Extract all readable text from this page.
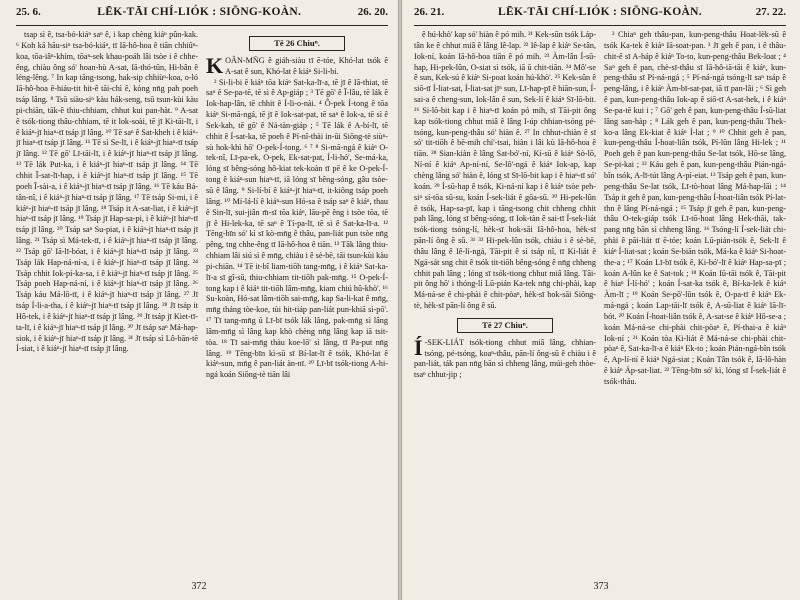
25. 6.	LĒK-TĀI CHÍ-LIÓK : SIŌNG-KOÀN.	26. 20.

tsap sì ê, tsa-bó-kiáⁿ saⁿ ê, i kap chèng kiáⁿ pûn-kak. ⁶ Koh kā hāu-siⁿ tsa-bó-kiáⁿ, tī Iā-hô-hoa ê tiān chhiûⁿ-koa, tōa-iâⁿ-khím, tōaⁿ-sek khau-poáh lâi tsòe i ê chhe-êng, chiàu ông só' hoan-hù A-sat, Iā-thó-tûn, Hi-bân ê léng-lêng. ⁷ In kap tāng-tsong, hak-sip chhiùⁿ-koa, o-ló Iā-hô-hoa ê-hiáu-tit hit-ê tāi-chì ê, kòng nn̄g pah poeh tsáp lâng. ⁸ Tsū siàu-siⁿ kàu hák-seng, tsū tsun-kùi kàu pi-chiān, tāk-ê thiu-chhiam, chhut kui pan-hàt. ⁹ A-sat ê tsók-tiong thâu-chhiam, tē it lok-soài, tē jī Ki-tāi-lī, i ê kiáⁿ-jī hiaⁿ-tī tsáp jī lâng. ¹⁰ Tē saⁿ ê Sat-kheh i ê kiáⁿ-jī hiaⁿ-tī tsáp jī lâng. ¹¹ Tē sì Se-lī, i ê kiáⁿ-jī hiaⁿ-tī tsáp jī lâng. ¹² Tē gō' Lī-tāi-lī, i ê kiáⁿ-jī hiaⁿ-tī tsáp jī lâng. ¹³ Tē lák Put-ka, i ê kiáⁿ-jī hiaⁿ-tī tsáp jī lâng. ¹⁴ Tē chhit Ī-sat-lī-hap, i ê kiáⁿ-jī hiaⁿ-tī tsáp jī lâng. ¹⁵ Tē poeh Ī-sài-a, i ê kiáⁿ-jī hiaⁿ-tī tsáp jī lâng. ¹⁶ Tē káu Bá-tân-nî, i ê kiáⁿ-jī hiaⁿ-tī tsáp jī lâng. ¹⁷ Tē tsáp Si-mi, i ê kiáⁿ-jī hiaⁿ-tī tsáp jī lâng. ¹⁸ Tsáp it A-sat-liat, i ê kiáⁿ-jī hiaⁿ-tī tsáp jī lâng. ¹⁹ Tsáp jī Hap-sa-pi, i ê kiáⁿ-jī hiaⁿ-tī tsáp jī lâng. ²⁰ Tsáp saⁿ Su-piat, i ê kiáⁿ-jī hiaⁿ-tī tsáp jī lâng. ²¹ Tsáp sì Má-tek-tī, i ê kiáⁿ-jī hiaⁿ-tī tsáp jī lâng. ²² Tsáp gō' Iā-lī-bóat, i ê kiáⁿ-jī hiaⁿ-tī tsáp jī lâng. ²³ Tsáp lák Hap-ná-ní-a, i ê kiáⁿ-jī hiaⁿ-tī tsáp jī lâng. ²⁴ Tsáp chhit Iok-pí-ka-sa, i ê kiáⁿ-jī hiaⁿ-tī tsáp jī lâng. ²⁵ Tsáp poeh Hap-ná-ní, i ê kiáⁿ-jī hiaⁿ-tī tsáp jī lâng. ²⁶ Tsáp káu Má-lō-tī, i ê kiáⁿ-jī hiaⁿ-tī tsáp jī lâng. ²⁷ Jī tsáp Í-li-a-tha, i ê kiáⁿ-jī hiaⁿ-tī tsáp jī lâng. ²⁸ Jī tsáp it Hô-tek, i ê kiáⁿ-jī hiaⁿ-tī tsáp jī lâng. ²⁹ Jī tsáp jī Kiet-tī-ta-lī, i ê kiáⁿ-jī hiaⁿ-tī tsáp jī lâng. ³⁰ Jī tsáp saⁿ Má-hap-siok, i ê kiáⁿ-jī hiaⁿ-tī tsáp jī lâng. ³¹ Jī tsáp sì Lô-bān-tē Í-siat, i ê kiáⁿ-jī hiaⁿ-tī tsáp jī lâng.

Tē 26 Chiuⁿ.

KOÂN-MN̄G ê giáh-siàu tī ē-tóe, Khó-lat tsók ê A-sat ê sun, Khó-lat ê kiáⁿ Si-li-bi.

² Si-li-bi ê kiáⁿ tōa kiáⁿ Sat-ka-lī-a, tē jī ê Iā-thiat, tē saⁿ ê Se-pa-tē, tē sì ê Ap-giáp ; ³ Tē gō' ê Ī-lâu, tē lák ê Iok-hap-lân, tē chhit ê Í-li-o-nài. ⁴ Ô-pek Í-tong ê tōa kiáⁿ Si-mā-ngá, tē jī ê Iok-sat-pat, tē saⁿ ê Iok-a, tē sì ê Sek-kah, tē gō' ê Ná-tàn-giáp ; ⁵ Tē lák ê A-bí-lī, tē chhit ê Í-sat-ka, tē poeh ê Pí-nî-thài in-ūi Siōng-tè siùⁿ-sù hok-khì hō' O-pek-Í-tong. ⁶ ⁷ ⁸ Si-mā-ngá ê kiáⁿ O-tek-nî, Lī-pa-ek, O-pek, Ek-sat-pat, Í-li-hó', Se-má-ka, lóng sī bêng-sóng hô-kiat tek-koàn tī pē ê ke O-pek-Í-tong ê kiáⁿ-sun hiaⁿ-tī, iā lóng sī bêng-sóng, gâu tsòe-sū ê lâng. ⁹ Si-lí-bí ê kiáⁿ-jī hiaⁿ-tī, it-kiōng tsáp poeh lâng. ¹⁰ Mí-lá-lí ê kiáⁿ-sun Hó-sa ê tsáp saⁿ ê kiáⁿ, thau ê Sin-lī, sui-jiân m̄-sī tōa kiáⁿ, lāu-pē êng i tsòe tōa, tē jī ê Hi-lek-ka, tē saⁿ ê Tí-pa-lī, tē sì ê Sat-ka-lī-a. ¹² Tēng-bīn só' kì sī kò-mn̄g ê thâu, pan-liát pun tsòe nn̄g pêng, tng chhe-êng tī Iā-hô-hoa ê tiān. ¹³ Tāk lâng thiu-chhiam lâi siú sì ê mn̄g, chiàu i ê sè-bē, tāi tsun-kùi kàu pi-chiān. ¹⁴ Tē it-bî liam-tiōh tang-mn̄g, i ê kiáⁿ Sat-ka-lī-a sī gî-sū, thiu-chhiam tit-tiōh pak-mn̄g. ¹⁵ O-pek-Í-tong kap i ê kiáⁿ tit-tiōh lâm-mn̄g, kiam chiú hû-khò'. ¹⁶ Su-koàn, Hó-sat lâm-tiōh sai-mn̄g, kap Sa-li-kat ê mn̄g, mn̄g tháng tòe-koe, tùi hit-tiáp pan-liát pun-khiā sì-pō'. ¹⁷ Tī tang-mn̄g ū Lī-bī tsók lák lâng, pak-mn̄g sì lâng lâm-mn̄g sì lâng kap khò chèng nn̄g lâng kap iā tsit-tòa. ¹⁸ Tī sai-mn̄g thàu koe-lō' sì lâng, tī Pa-put nn̄g lâng. ¹⁹ Tēng-bīn kì-sū sī Bí-lat-lī ê tsók, Khó-lat ê kiáⁿ-sun, mn̄g ê pan-liát àn-nī. ²⁰ Lī-bī tsók-tiong A-hi-ngá koán Siōng-tè tiān lâi

372
26. 21.	LĒK-TĀI CHÍ-LIÓK : SIŌNG-KOÀN.	27. 22.

ê hú-khò' kap só' hiàn ê pó mih. ²¹ Kek-sûn tsók Láp-tân ke ê chhut miâ ê lâng Iê-lap. ²² Iê-lap ê kiáⁿ Se-tân, Iok-ní, koán Iā-hô-hoa tiān ê pó mih. ²³ Àm-lân Í-sū-hap, Hi-pek-lûn, O-siat sì tsók, iā ū chit-tiān. ²⁴ Mô'-se ê sun, Kek-sú ê kiáⁿ Si-poat koán hú-khò'. ²⁵ Kek-sûn ê siō-tī Í-liat-sat, Í-liat-sat jīⁿ sun, Lī-hap-pī ê hiān-sun, Í-sai-a ê cheng-sun, Iok-lân ê sun, Sek-lí ê kiáⁿ Sī-lō-bit. ²⁶ Si-lō-bit kap i ê hiaⁿ-tī koán pó mih, sī Tāi-pit ông kap tsók-tiong chhut miâ ê lâng I-úp chhian-tsóng pé-tsóng, kun-peng-thâu só' hiàn ê. ²⁷ In chhut-chiàn ê sī só' tit-tiōh ê bē-mih chí'-tsai, hiàn i lâi kù Iā-hô-hoa ê tiān. ²⁸ Sian-kiàn ê lâng Sat-bó'-ní, Kí-sū ê kiáⁿ Sò-lō, Ní-ní ê kiáⁿ Ap-ní-ní, Se-lô'-ngá ê kiáⁿ Iok-ap, kap chèng lâng só' hiàn ê, lóng sī Sī-lō-bit kap i ê hiaⁿ-tī só' koán. ²⁹ Í-sū-hap ê tsók, Ki-ná-ní kap i ê kiáⁿ tsòe peh-siⁿ sí-tōa sū-su, koán Í-sek-liát ê gōa-sū. ³⁰ Hi-pek-lûn ê tsók, Hap-sa-pī, kap i tāng-tsong chit chheng chhit pah lâng, lóng sī bêng-sóng, tī Iok-tàn ê sai-tī Í-sek-liát tsók-tiong tsóng-lí, hèk-sī hok-sāi Iā-hô-hoa, hèk-sī pān-lí ông ê sū. ³¹ ³² Hi-pek-lûn tsók, chiàu i ê sè-bē, thâu lâng ê Iê-lí-ngá, Tāi-pit ê sì tsáp nî, tī Ki-liát ê Ngá-sát sng chit ê tsók tit-tiōh bêng-sóng ê nn̄g chheng chhit pah lâng ; lóng sī tsók-tiong chhut miâ lâng. Tāi-pit ông hō' i thóng-lí Lū-pián Ka-tek nn̄g chi-phài, kap Má-ná-se ê chi-phài ê chit-pòaⁿ, hèk-sī hok-sāi Siōng-tè, hèk-sī pān-lí ông ê sū.

Tē 27 Chiuⁿ.

Í -SEK-LIÁT tsók-tiong chhut miâ lâng, chhian-tsóng, pé-tsóng, koaⁿ-thâu, pān-lí ông-sū ê chiàu i ê pan-liát, ták pan nn̄g bān sì chheng lâng, múi-geh thòe-tsaⁿ chhut-jip ;

² Chiaⁿ geh thâu-pan, kun-peng-thâu Hoat-lèk-sū ê tsók Ka-tek ê kiáⁿ Iā-soat-pan. ³ Jī geh ê pan, i ê thâu-chit-ê sī A-háp ê kiáⁿ To-to, kun-peng-thâu Bek-loat ; ⁴ Saⁿ geh ê pan, chè-sī-thâu sī Iā-hô-iā-tāi ê kiáⁿ, kun-peng-thâu sī Pí-ná-ngá ; ⁵ Pí-ná-ngá tsóng-lī saⁿ tsáp ê peng-lâng, i ê kiáⁿ Àm-bī-sat-pat, iā tī pan-lâi ; ⁶ Sì geh ê pan, kun-peng-thâu Iok-ap ê siō-tī A-sat-hek, i ê kiáⁿ Se-pa-tē kui i ; ⁷ Gō' geh ê pan, kun-peng-thâu Í-sū-liat lâng san-hàp ; ⁸ Lák geh ê pan, kun-peng-thâu Thek-ko-a lâng Ek-kiat ê kiáⁿ Í-lat ; ⁹ ¹⁰ Chhit geh ê pan, kun-peng-thâu Í-hoat-liân tsók, Pí-lûn lâng Hi-lek ; ¹¹ Poeh geh ê pan kun-peng-thâu Se-lat tsók, Hō-se lâng, Se-pi-kai ; ¹² Káu geh ê pan, kun-peng-thâu Pián-ngá-bîn tsók, A-lī-tút lâng A-pí-eiat. ¹³ Tsáp geh ê pan, kun-peng-thâu Se-lat tsók, Lī-tò-hoat lâng Má-hap-lāi ; ¹⁴ Tsáp it geh ê pan, kun-peng-thâu Í-hoat-liân tsók Pí-lat-thn ê lâng Pí-ná-ngá ; ¹⁵ Tsáp jī geh ê pan, kun-peng-thâu O-tek-giáp tsók Lī-tō-hoat lâng Hek-thāi, tak-pang nn̄g bān sì chheng lâng. ¹⁶ Tsóng-lí Í-sek-liát chi-phài ê pāi-liát tī ē-tóe; koán Lū-pián-tsók ê, Sek-lī ê kiáⁿ Í-liat-sat ; koán Se-biān tsók, Má-ka ê kiáⁿ Si-hoat-the-a ; ¹⁷ Koán Lī-bī tsók ê, Ki-bó'-lī ê kiáⁿ Hap-sa-pī ; koán A-lûn ke ê Sat-tok ; ¹⁸ Koán Iū-tāi tsók ê, Tāi-pit ê hiaⁿ Í-lí-hó' ; koán Í-sat-ka tsók ê, Bí-ka-lek ê kiáⁿ Àm-lī ; ¹⁹ Koán Se-pō'-lûn tsók ê, O-pa-tī ê kiáⁿ Ek-má-ngá ; koán Lap-tāi-lī tsók ê, A-sū-liat ê kiáⁿ Iā-lī-bót. ²⁰ Koán Í-hoat-liân tsók ê, A-sat-se ê kiáⁿ Hô-se-a ; koán Má-ná-se chi-phài chit-pòaⁿ ê, Pí-thai-a ê kiáⁿ Iok-ní ; ²¹ Koán tòa Ki-liát ê Má-ná-se chi-phài chit-pòaⁿ ê, Sat-ka-lī-a ê kiáⁿ Ek-to ; koán Pián-ngá-bîn tsók ê, Ap-lí-ní ê kiáⁿ Ngá-siat ; Koán Tân tsók ê, Iā-lô-hàn ê kiáⁿ Áp-sat-liat. ²² Tēng-bīn só' kì, lóng sī Í-sek-liát ê tsók-tháu.

373
